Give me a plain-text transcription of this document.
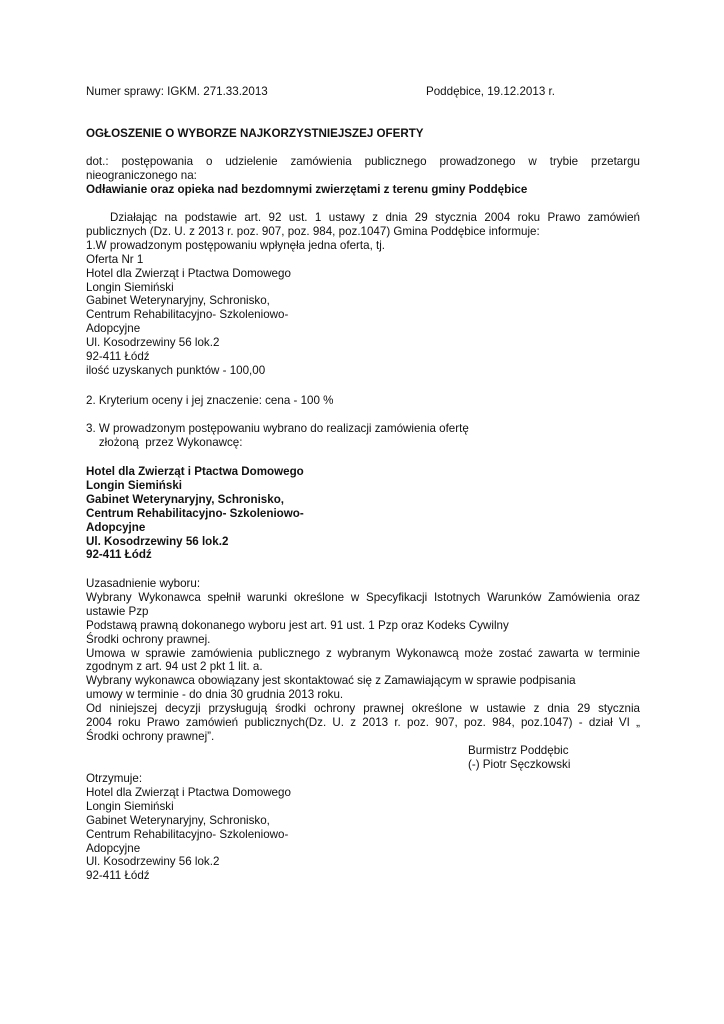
Numer sprawy: IGKM. 271.33.2013	Poddębice, 19.12.2013 r.

OGŁOSZENIE O WYBORZE NAJKORZYSTNIEJSZEJ OFERTY

dot.: postępowania o udzielenie zamówienia publicznego prowadzonego w trybie przetargu
nieograniczonego na:
Odławianie oraz opieka nad bezdomnymi zwierzętami z terenu gminy Poddębice
Działając na podstawie art. 92 ust. 1 ustawy z dnia 29 stycznia 2004 roku Prawo zamówień
publicznych (Dz. U. z 2013 r. poz. 907, poz. 984, poz.1047) Gmina Poddębice informuje:
1.W prowadzonym postępowaniu wpłynęła jedna oferta, tj.
Oferta Nr 1
Hotel dla Zwierząt i Ptactwa Domowego
Longin Siemiński
Gabinet Weterynaryjny, Schronisko,
Centrum Rehabilitacyjno- Szkoleniowo-
Adopcyjne
Ul. Kosodrzewiny 56 lok.2
92-411 Łódź
ilość uzyskanych punktów - 100,00

2. Kryterium oceny i jej znaczenie: cena - 100 %

3. W prowadzonym postępowaniu wybrano do realizacji zamówienia ofertę
złożoną  przez Wykonawcę:
Hotel dla Zwierząt i Ptactwa Domowego
Longin Siemiński
Gabinet Weterynaryjny, Schronisko,
Centrum Rehabilitacyjno- Szkoleniowo-
Adopcyjne
Ul. Kosodrzewiny 56 lok.2
92-411 Łódź
Uzasadnienie wyboru:
Wybrany Wykonawca spełnił warunki określone w Specyfikacji Istotnych Warunków Zamówienia oraz
ustawie Pzp
Podstawą prawną dokonanego wyboru jest art. 91 ust. 1 Pzp oraz Kodeks Cywilny
Środki ochrony prawnej.
Umowa w sprawie zamówienia publicznego z wybranym Wykonawcą może zostać zawarta w terminie
zgodnym z art. 94 ust 2 pkt 1 lit. a.
Wybrany wykonawca obowiązany jest skontaktować się z Zamawiającym w sprawie podpisania
umowy w terminie - do dnia 30 grudnia 2013 roku.
Od niniejszej decyzji przysługują środki ochrony prawnej określone w ustawie z dnia 29 stycznia
2004 roku Prawo zamówień publicznych(Dz. U. z 2013 r. poz. 907, poz. 984, poz.1047) - dział VI „
Środki ochrony prawnej”.
Burmistrz Poddębic
(-) Piotr Sęczkowski
Otrzymuje:
Hotel dla Zwierząt i Ptactwa Domowego
Longin Siemiński
Gabinet Weterynaryjny, Schronisko,
Centrum Rehabilitacyjno- Szkoleniowo-
Adopcyjne
Ul. Kosodrzewiny 56 lok.2
92-411 Łódź
